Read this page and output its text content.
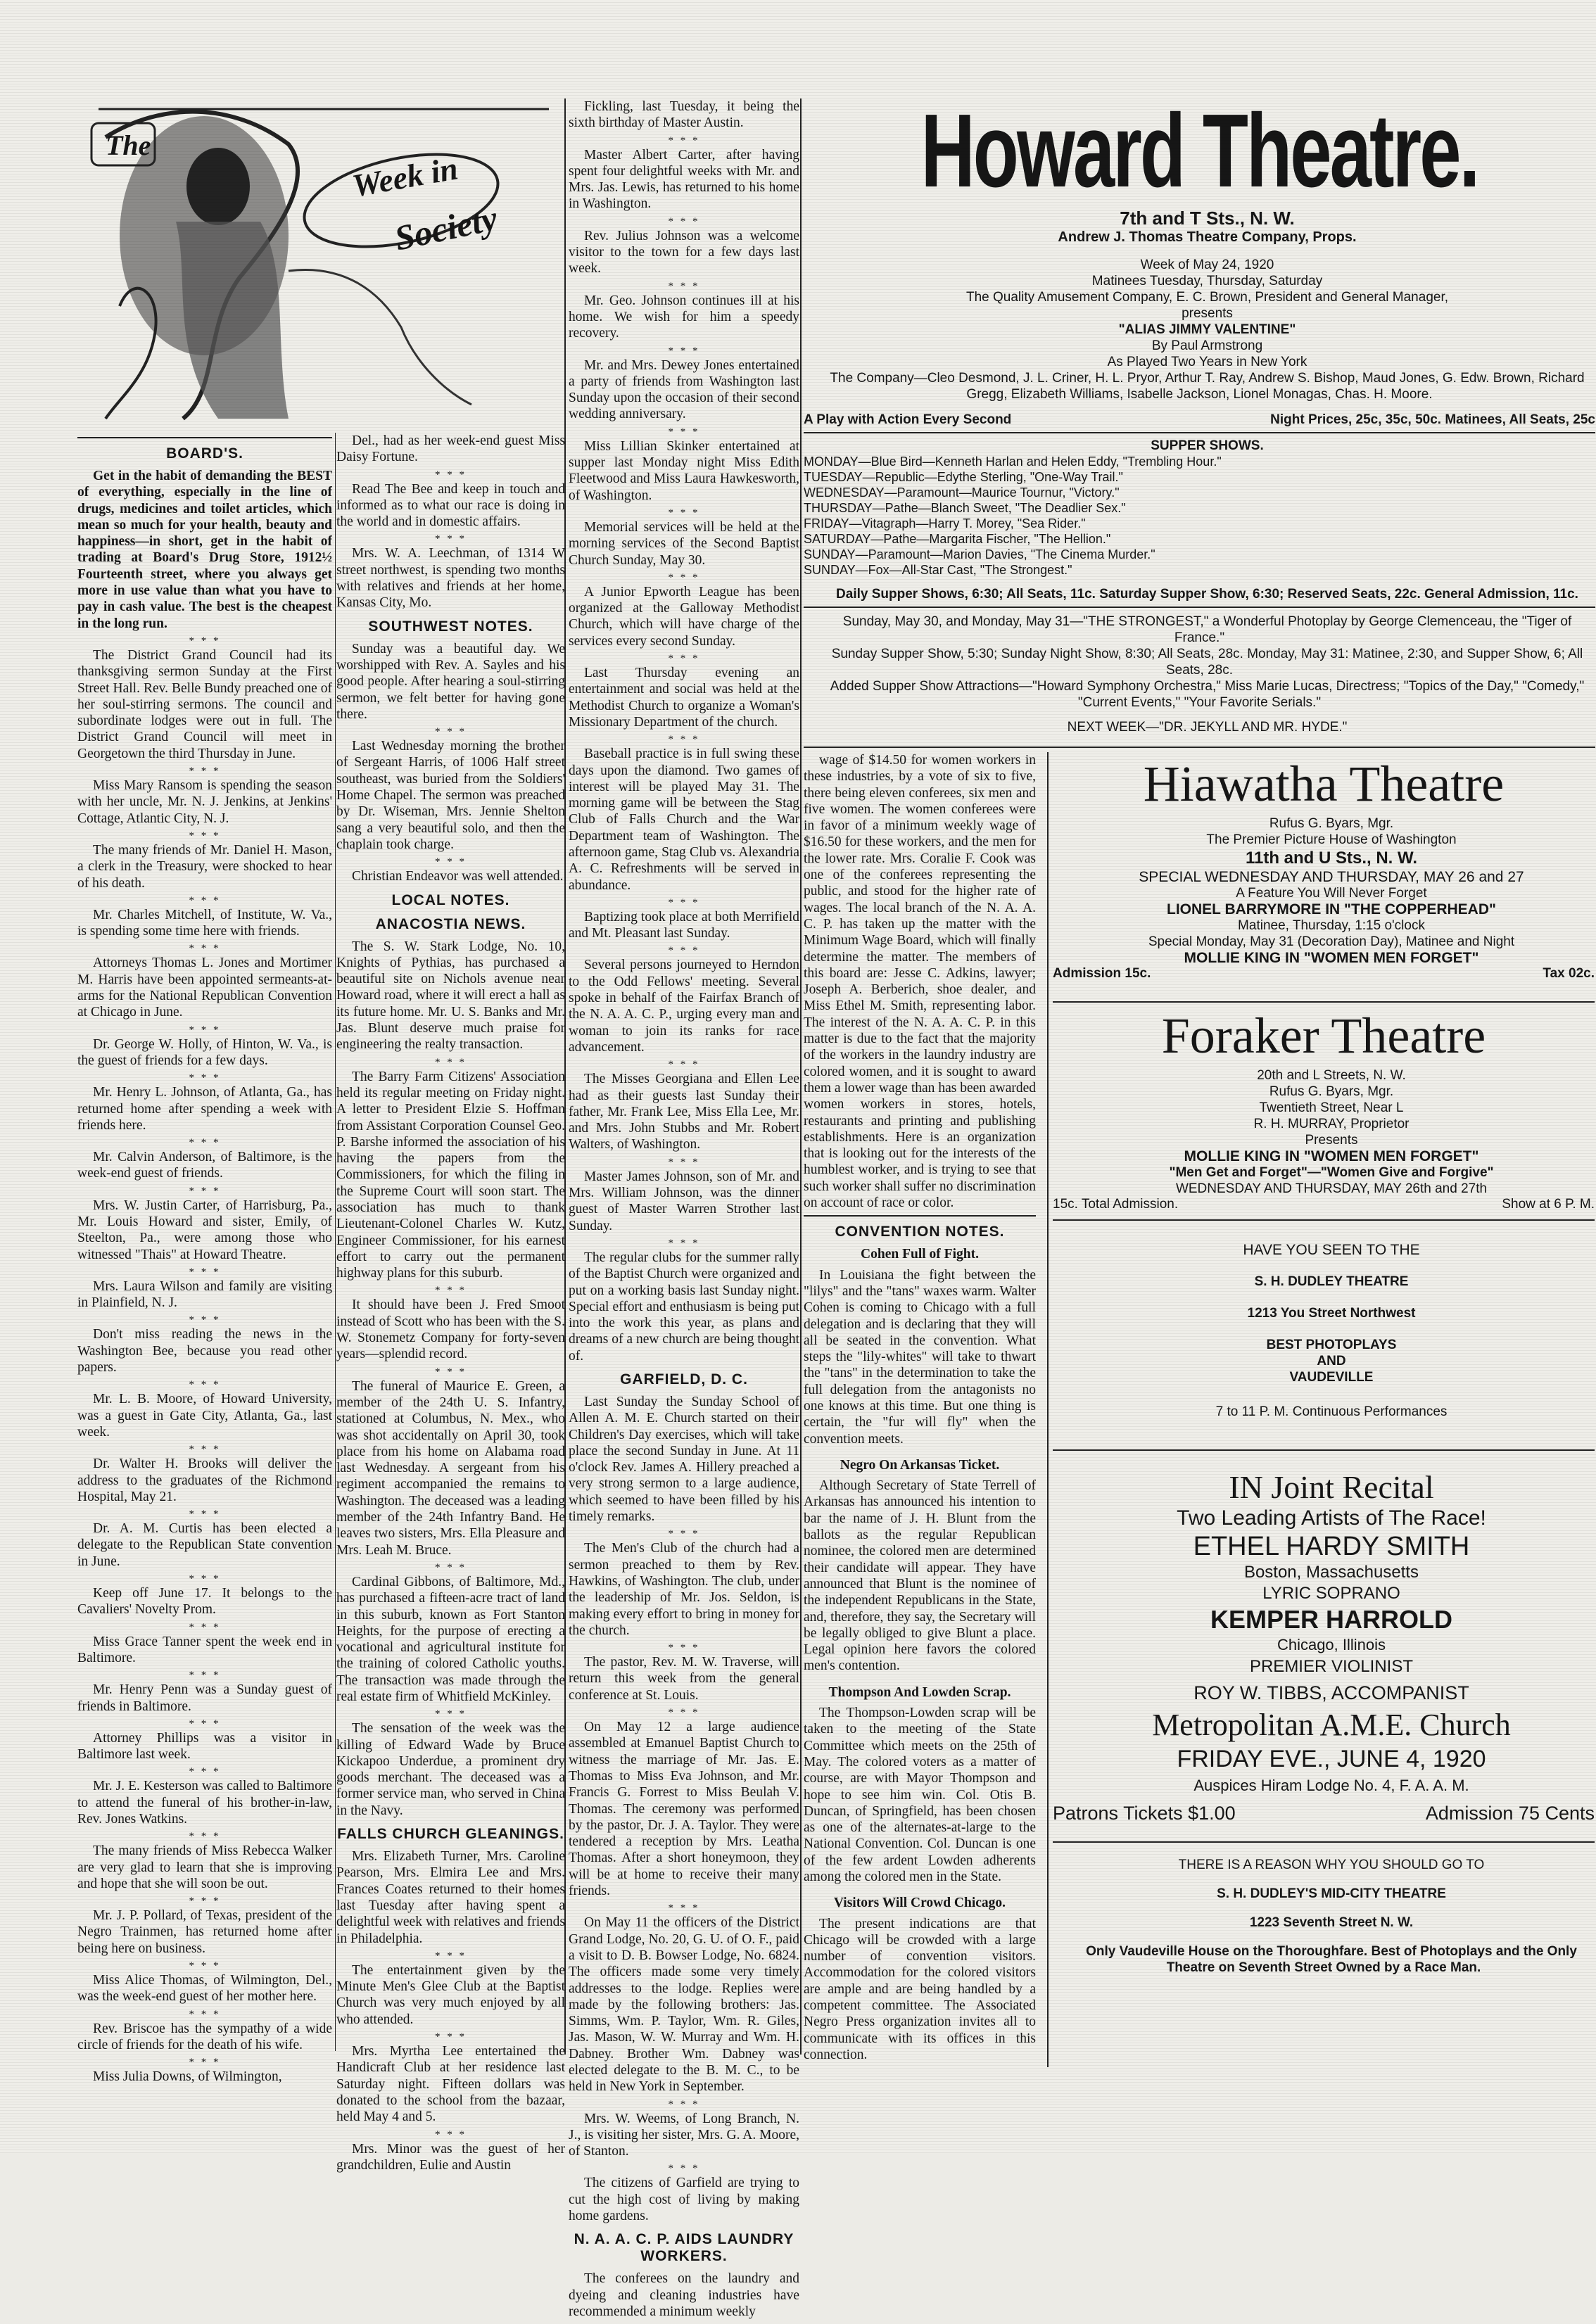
The
Week in
Society
BOARD'S.

Get in the habit of demanding the BEST of everything, especially in the line of drugs, medicines and toilet articles, which mean so much for your health, beauty and happiness—in short, get in the habit of trading at Board's Drug Store, 1912½ Fourteenth street, where you always get more in use value than what you have to pay in cash value. The best is the cheapest in the long run.

* * *

The District Grand Council had its thanksgiving sermon Sunday at the First Street Hall. Rev. Belle Bundy preached one of her soul-stirring sermons. The council and subordinate lodges were out in full. The District Grand Council will meet in Georgetown the third Thursday in June.

* * *

Miss Mary Ransom is spending the season with her uncle, Mr. N. J. Jenkins, at Jenkins' Cottage, Atlantic City, N. J.

* * *

The many friends of Mr. Daniel H. Mason, a clerk in the Treasury, were shocked to hear of his death.

* * *

Mr. Charles Mitchell, of Institute, W. Va., is spending some time here with friends.

* * *

Attorneys Thomas L. Jones and Mortimer M. Harris have been appointed sermeants-at-arms for the National Republican Convention at Chicago in June.

* * *

Dr. George W. Holly, of Hinton, W. Va., is the guest of friends for a few days.

* * *

Mr. Henry L. Johnson, of Atlanta, Ga., has returned home after spending a week with friends here.

* * *

Mr. Calvin Anderson, of Baltimore, is the week-end guest of friends.

* * *

Mrs. W. Justin Carter, of Harrisburg, Pa., Mr. Louis Howard and sister, Emily, of Steelton, Pa., were among those who witnessed "Thais" at Howard Theatre.

* * *

Mrs. Laura Wilson and family are visiting in Plainfield, N. J.

* * *

Don't miss reading the news in the Washington Bee, because you read other papers.

* * *

Mr. L. B. Moore, of Howard University, was a guest in Gate City, Atlanta, Ga., last week.

* * *

Dr. Walter H. Brooks will deliver the address to the graduates of the Richmond Hospital, May 21.

* * *

Dr. A. M. Curtis has been elected a delegate to the Republican State convention in June.

* * *

Keep off June 17. It belongs to the Cavaliers' Novelty Prom.

* * *

Miss Grace Tanner spent the week end in Baltimore.

* * *

Mr. Henry Penn was a Sunday guest of friends in Baltimore.

* * *

Attorney Phillips was a visitor in Baltimore last week.

* * *

Mr. J. E. Kesterson was called to Baltimore to attend the funeral of his brother-in-law, Rev. Jones Watkins.

* * *

The many friends of Miss Rebecca Walker are very glad to learn that she is improving and hope that she will soon be out.

* * *

Mr. J. P. Pollard, of Texas, president of the Negro Trainmen, has returned home after being here on business.

* * *

Miss Alice Thomas, of Wilmington, Del., was the week-end guest of her mother here.

* * *

Rev. Briscoe has the sympathy of a wide circle of friends for the death of his wife.

* * *

Miss Julia Downs, of Wilmington,

Del., had as her week-end guest Miss Daisy Fortune.

* * *

Read The Bee and keep in touch and informed as to what our race is doing in the world and in domestic affairs.

* * *

Mrs. W. A. Leechman, of 1314 W street northwest, is spending two months with relatives and friends at her home, Kansas City, Mo.

SOUTHWEST NOTES.

Sunday was a beautiful day. We worshipped with Rev. A. Sayles and his good people. After hearing a soul-stirring sermon, we felt better for having gone there.

* * *

Last Wednesday morning the brother of Sergeant Harris, of 1006 Half street southeast, was buried from the Soldiers' Home Chapel. The sermon was preached by Dr. Wiseman, Mrs. Jennie Shelton sang a very beautiful solo, and then the chaplain took charge.

* * *

Christian Endeavor was well attended.

LOCAL NOTES.
ANACOSTIA NEWS.

The S. W. Stark Lodge, No. 10, Knights of Pythias, has purchased a beautiful site on Nichols avenue near Howard road, where it will erect a hall as its future home. Mr. U. S. Banks and Mr. Jas. Blunt deserve much praise for engineering the realty transaction.

* * *

The Barry Farm Citizens' Association held its regular meeting on Friday night. A letter to President Elzie S. Hoffman from Assistant Corporation Counsel Geo. P. Barshe informed the association of his having the papers from the Commissioners, for which the filing in the Supreme Court will soon start. The association has much to thank Lieutenant-Colonel Charles W. Kutz, Engineer Commissioner, for his earnest effort to carry out the permanent highway plans for this suburb.

* * *

It should have been J. Fred Smoot instead of Scott who has been with the S. W. Stonemetz Company for forty-seven years—splendid record.

* * *

The funeral of Maurice E. Green, a member of the 24th U. S. Infantry, stationed at Columbus, N. Mex., who was shot accidentally on April 30, took place from his home on Alabama road last Wednesday. A sergeant from his regiment accompanied the remains to Washington. The deceased was a leading member of the 24th Infantry Band. He leaves two sisters, Mrs. Ella Pleasure and Mrs. Leah M. Bruce.

* * *

Cardinal Gibbons, of Baltimore, Md., has purchased a fifteen-acre tract of land in this suburb, known as Fort Stanton Heights, for the purpose of erecting a vocational and agricultural institute for the training of colored Catholic youths. The transaction was made through the real estate firm of Whitfield McKinley.

* * *

The sensation of the week was the killing of Edward Wade by Bruce Kickapoo Underdue, a prominent dry goods merchant. The deceased was a former service man, who served in China in the Navy.

FALLS CHURCH GLEANINGS.

Mrs. Elizabeth Turner, Mrs. Caroline Pearson, Mrs. Elmira Lee and Mrs. Frances Coates returned to their homes last Tuesday after having spent a delightful week with relatives and friends in Philadelphia.

* * *

The entertainment given by the Minute Men's Glee Club at the Baptist Church was very much enjoyed by all who attended.

* * *

Mrs. Myrtha Lee entertained the Handicraft Club at her residence last Saturday night. Fifteen dollars was donated to the school from the bazaar, held May 4 and 5.

* * *

Mrs. Minor was the guest of her grandchildren, Eulie and Austin

Fickling, last Tuesday, it being the sixth birthday of Master Austin.

* * *

Master Albert Carter, after having spent four delightful weeks with Mr. and Mrs. Jas. Lewis, has returned to his home in Washington.

* * *

Rev. Julius Johnson was a welcome visitor to the town for a few days last week.

* * *

Mr. Geo. Johnson continues ill at his home. We wish for him a speedy recovery.

* * *

Mr. and Mrs. Dewey Jones entertained a party of friends from Washington last Sunday upon the occasion of their second wedding anniversary.

* * *

Miss Lillian Skinker entertained at supper last Monday night Miss Edith Fleetwood and Miss Laura Hawkesworth, of Washington.

* * *

Memorial services will be held at the morning services of the Second Baptist Church Sunday, May 30.

* * *

A Junior Epworth League has been organized at the Galloway Methodist Church, which will have charge of the services every second Sunday.

* * *

Last Thursday evening an entertainment and social was held at the Methodist Church to organize a Woman's Missionary Department of the church.

* * *

Baseball practice is in full swing these days upon the diamond. Two games of interest will be played May 31. The morning game will be between the Stag Club of Falls Church and the War Department team of Washington. The afternoon game, Stag Club vs. Alexandria A. C. Refreshments will be served in abundance.

* * *

Baptizing took place at both Merrifield and Mt. Pleasant last Sunday.

* * *

Several persons journeyed to Herndon to the Odd Fellows' meeting. Several spoke in behalf of the Fairfax Branch of the N. A. A. C. P., urging every man and woman to join its ranks for race advancement.

* * *

The Misses Georgiana and Ellen Lee had as their guests last Sunday their father, Mr. Frank Lee, Miss Ella Lee, Mr. and Mrs. John Stubbs and Mr. Robert Walters, of Washington.

* * *

Master James Johnson, son of Mr. and Mrs. William Johnson, was the dinner guest of Master Warren Strother last Sunday.

* * *

The regular clubs for the summer rally of the Baptist Church were organized and put on a working basis last Sunday night. Special effort and enthusiasm is being put into the work this year, as plans and dreams of a new church are being thought of.

GARFIELD, D. C.

Last Sunday the Sunday School of Allen A. M. E. Church started on their Children's Day exercises, which will take place the second Sunday in June. At 11 o'clock Rev. James A. Hillery preached a very strong sermon to a large audience, which seemed to have been filled by his timely remarks.

* * *

The Men's Club of the church had a sermon preached to them by Rev. Hawkins, of Washington. The club, under the leadership of Mr. Jos. Seldon, is making every effort to bring in money for the church.

* * *

The pastor, Rev. M. W. Traverse, will return this week from the general conference at St. Louis.

* * *

On May 12 a large audience assembled at Emanuel Baptist Church to witness the marriage of Mr. Jas. E. Thomas to Miss Eva Johnson, and Mr. Francis G. Forrest to Miss Beulah V. Thomas. The ceremony was performed by the pastor, Dr. J. A. Taylor. They were tendered a reception by Mrs. Leatha Thomas. After a short honeymoon, they will be at home to receive their many friends.

* * *

On May 11 the officers of the District Grand Lodge, No. 20, G. U. of O. F., paid a visit to D. B. Bowser Lodge, No. 6824. The officers made some very timely addresses to the lodge. Replies were made by the following brothers: Jas. Simms, Wm. P. Taylor, Wm. R. Giles, Jas. Mason, W. W. Murray and Wm. H. Dabney. Brother Wm. Dabney was elected delegate to the B. M. C., to be held in New York in September.

* * *

Mrs. W. Weems, of Long Branch, N. J., is visiting her sister, Mrs. G. A. Moore, of Stanton.

* * *

The citizens of Garfield are trying to cut the high cost of living by making home gardens.

N. A. A. C. P. AIDS LAUNDRY WORKERS.

The conferees on the laundry and dyeing and cleaning industries have recommended a minimum weekly

Howard Theatre.

7th and T Sts., N. W.

Andrew J. Thomas Theatre Company, Props.

Week of May 24, 1920

Matinees Tuesday, Thursday, Saturday

The Quality Amusement Company, E. C. Brown, President and General Manager,

presents

"ALIAS JIMMY VALENTINE"

By Paul Armstrong

As Played Two Years in New York

The Company—Cleo Desmond, J. L. Criner, H. L. Pryor, Arthur T. Ray, Andrew S. Bishop, Maud Jones, G. Edw. Brown, Richard Gregg, Elizabeth Williams, Isabelle Jackson, Lionel Monagas, Chas. H. Moore.

A Play with Action Every Second	Night Prices, 25c, 35c, 50c. Matinees, All Seats, 25c

SUPPER SHOWS.

MONDAY—Blue Bird—Kenneth Harlan and Helen Eddy, "Trembling Hour."
TUESDAY—Republic—Edythe Sterling, "One-Way Trail."
WEDNESDAY—Paramount—Maurice Tournur, "Victory."
THURSDAY—Pathe—Blanch Sweet, "The Deadlier Sex."
FRIDAY—Vitagraph—Harry T. Morey, "Sea Rider."
SATURDAY—Pathe—Margarita Fischer, "The Hellion."
SUNDAY—Paramount—Marion Davies, "The Cinema Murder."
SUNDAY—Fox—All-Star Cast, "The Strongest."

Daily Supper Shows, 6:30; All Seats, 11c. Saturday Supper Show, 6:30; Reserved Seats, 22c. General Admission, 11c.

Sunday, May 30, and Monday, May 31—"THE STRONGEST," a Wonderful Photoplay by George Clemenceau, the "Tiger of France."

Sunday Supper Show, 5:30; Sunday Night Show, 8:30; All Seats, 28c. Monday, May 31: Matinee, 2:30, and Supper Show, 6; All Seats, 28c.

Added Supper Show Attractions—"Howard Symphony Orchestra," Miss Marie Lucas, Directress; "Topics of the Day," "Comedy," "Current Events," "Your Favorite Serials."

NEXT WEEK—"DR. JEKYLL AND MR. HYDE."

wage of $14.50 for women workers in these industries, by a vote of six to five, there being eleven conferees, six men and five women. The women conferees were in favor of a minimum weekly wage of $16.50 for these workers, and the men for the lower rate. Mrs. Coralie F. Cook was one of the conferees representing the public, and stood for the higher rate of wages. The local branch of the N. A. A. C. P. has taken up the matter with the Minimum Wage Board, which will finally determine the matter. The members of this board are: Jesse C. Adkins, lawyer; Joseph A. Berberich, shoe dealer, and Miss Ethel M. Smith, representing labor. The interest of the N. A. A. C. P. in this matter is due to the fact that the majority of the workers in the laundry industry are colored women, and it is sought to award them a lower wage than has been awarded women workers in stores, hotels, restaurants and printing and publishing establishments. Here is an organization that is looking out for the interests of the humblest worker, and is trying to see that such worker shall suffer no discrimination on account of race or color.

CONVENTION NOTES.

Cohen Full of Fight.

In Louisiana the fight between the "lilys" and the "tans" waxes warm. Walter Cohen is coming to Chicago with a full delegation and is declaring that they will all be seated in the convention. What steps the "lily-whites" will take to thwart the "tans" in the determination to take the full delegation from the antagonists no one knows at this time. But one thing is certain, the "fur will fly" when the convention meets.

Negro On Arkansas Ticket.

Although Secretary of State Terrell of Arkansas has announced his intention to bar the name of J. H. Blunt from the ballots as the regular Republican nominee, the colored men are determined their candidate will appear. They have announced that Blunt is the nominee of the independent Republicans in the State, and, therefore, they say, the Secretary will be legally obliged to give Blunt a place. Legal opinion here favors the colored men's contention.

Thompson And Lowden Scrap.

The Thompson-Lowden scrap will be taken to the meeting of the State Committee which meets on the 25th of May. The colored voters as a matter of course, are with Mayor Thompson and hope to see him win. Col. Otis B. Duncan, of Springfield, has been chosen as one of the alternates-at-large to the National Convention. Col. Duncan is one of the few ardent Lowden adherents among the colored men in the State.

Visitors Will Crowd Chicago.

The present indications are that Chicago will be crowded with a large number of convention visitors. Accommodation for the colored visitors are ample and are being handled by a competent committee. The Associated Negro Press organization invites all to communicate with its offices in this connection.

Hiawatha Theatre

Rufus G. Byars, Mgr.

The Premier Picture House of Washington

11th and U Sts., N. W.

SPECIAL WEDNESDAY AND THURSDAY, MAY 26 and 27

A Feature You Will Never Forget

LIONEL BARRYMORE IN "THE COPPERHEAD"

Matinee, Thursday, 1:15 o'clock

Special Monday, May 31 (Decoration Day), Matinee and Night

MOLLIE KING IN "WOMEN MEN FORGET"

Admission 15c.	Tax 02c.
Foraker Theatre

20th and L Streets, N. W.

Rufus G. Byars, Mgr.

Twentieth Street, Near L

R. H. MURRAY, Proprietor

Presents

MOLLIE KING IN "WOMEN MEN FORGET"

"Men Get and Forget"—"Women Give and Forgive"

WEDNESDAY AND THURSDAY, MAY 26th and 27th

15c. Total Admission.	Show at 6 P. M.

HAVE YOU SEEN TO THE

S. H. DUDLEY THEATRE

1213 You Street Northwest

BEST PHOTOPLAYS

AND

VAUDEVILLE

7 to 11 P. M. Continuous Performances

IN Joint Recital

Two Leading Artists of The Race!

ETHEL HARDY SMITH

Boston, Massachusetts

LYRIC SOPRANO

KEMPER HARROLD

Chicago, Illinois

PREMIER VIOLINIST

ROY W. TIBBS, ACCOMPANIST

Metropolitan A.M.E. Church

FRIDAY EVE., JUNE 4, 1920

Auspices Hiram Lodge No. 4, F. A. A. M.

Patrons Tickets $1.00	Admission 75 Cents

THERE IS A REASON WHY YOU SHOULD GO TO

S. H. DUDLEY'S MID-CITY THEATRE

1223 Seventh Street N. W.

Only Vaudeville House on the Thoroughfare. Best of Photoplays and the Only Theatre on Seventh Street Owned by a Race Man.
